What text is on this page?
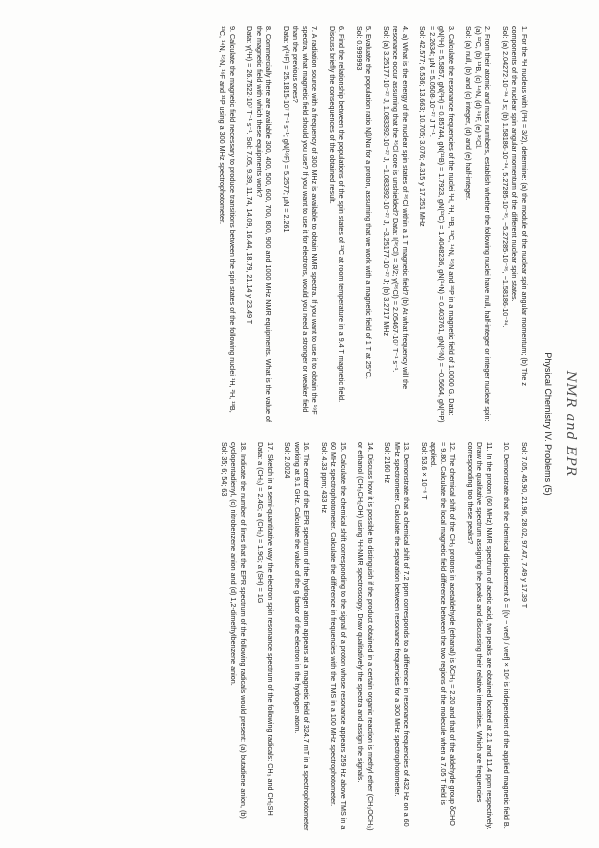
NMR and EPR
Physical Chemistry IV. Problems (5)
1. For the ³H nucleus with (I³H = 3/2), determine: (a) the module of the nuclear spin angular momentum; (b) The z components of the nuclear spin angular momentum of the different nuclear spin states.
Sol: (a) 2.04272·10⁻³⁴ J s; (b) 1.58186·10⁻³⁴, 5.27285·10⁻³⁵, −5.27285·10⁻³⁵, −1.58186·10⁻³⁴.
2. From their atomic and mass numbers, establish whether the following nuclei have null, half-integer or integer nuclear spin: (a) ¹²C, (b) ¹³B, (c) ¹⁴N, (d) ¹⁹F, (e) ³⁵Cl.
Sol: (a) null, (b) and (c) integer, (d) and (e) half-integer.
3. Calculate the resonance frequencies of the nuclei ¹H, ²H, ¹³B, ¹³C, ¹⁴N, ¹⁵N and ³¹P in a magnetic field of 1.0000 G. Data: gN(¹H) = 5.5857, gN(²H) = 0.85744, gN(¹¹B) = 1.7923, gN(¹³C) = 1.4048236, gN(¹⁴N) = 0.403761, gN(¹⁵N) = −0.5664, gN(³¹P) = 2.2634; μN = 5.0508·10⁻²⁷ J T⁻¹.
Sol: 42.577; 6.536; 13.663; 10.705; 3.076; 4.315 y 17.251 MHz
4. a) What is the energy of the nuclear spin states of ³⁵Cl within a 1 T magnetic field? (b) At what frequency will the resonance occur assuming that the ³⁵Cl core is unshielded? Data: I(³⁵Cl) = 3/2; γ(³⁵Cl) = 2.05467·10⁷ T⁻¹ s⁻¹.
Sol: (a) 3.25177·10⁻²⁷ J, 1.083392·10⁻²⁷ J, −1.083392·10⁻²⁷ J, −3.25177·10⁻²⁷ J; (b) 3.2717 MHz
5. Evaluate the population ratio Nβ/Nα for a proton, assuming that we work with a magnetic field of 1 T at 25°C.
Sol: 0.999993
6. Find the relationship between the populations of the spin states of ¹³C at room temperature in a 9.4 T magnetic field. Discuss briefly the consequences of the obtained result.
7. A radiation source with a frequency of 300 MHz is available to obtain NMR spectra. If you want to use it to obtain the ¹⁹F spectra, what magnetic field should you use? If you want to use it for electrons, would you need a stronger or weaker field than the previous ones?
Data: γ(¹⁹F) = 25.1815·10⁷ T⁻¹ s⁻¹; gN(¹⁹F) = 5.2577; μN = 2.261
8. Commercially there are available 300, 400, 500, 600, 700, 800, 900 and 1000 MHz NMR equipments. What is the value of the magnetic field with which these equipments work?
Data: γ(¹H) = 26.7522·10⁷ T⁻¹ s⁻¹. Sol: 7.05, 9.39, 11.74, 14.09, 16.44, 18.79, 21.14 y 23.49 T
9. Calculate the magnetic field necessary to produce transitions between the spin states of the following nuclei ¹H, ²H, ¹³B, ¹³C, ¹⁴N, ¹⁵N, ¹⁹F and ³¹P using a 300 MHz spectrophotometer.
Sol: 7.05, 45.90, 21.96, 28.02, 97.47, 7.49 y 17.39 T
10. Demonstrate that the chemical displacement δ = [(ν − νref) / νref] × 10⁶ is independent of the applied magnetic field B.
11. In the proton (60 MHz) NMR spectrum of acetic acid, two peaks are obtained located at 2.1 and 11.4 ppm respectively. Draw the qualitative spectrum assigning the peaks and discussing their relative intensities. Which are frequencies corresponding too these peaks?
12. The chemical shift of the CH₃ protons in acetaldehyde (ethanal) is δCH₃ = 2.20 and that of the aldehyde group δCHO = 9.80. Calculate the local magnetic field difference between the two regions of the molecule when a 7.05 T field is applied.
Sol: 53.6 × 10⁻⁶ T
13. Demonstrate that a chemical shift of 7.2 ppm corresponds to a difference in resonance frequencies of 432 Hz on a 60 MHz spectrometer. Calculate the separation between resonance frequencies for a 300 MHz spectrophotometer.
Sol: 2160 Hz
14. Discuss how it is possible to distinguish if the product obtained in a certain organic reaction is methyl ether (CH₃OCH₃) or ethanol (CH₃CH₂OH) using ¹H-NMR spectroscopy. Draw qualitatively the spectra and assign the signals.
15. Calculate the chemical shift corresponding to the signal of a proton whose resonance appears 259 Hz above TMS in a 60 MHz spectrophotometer. Calculate the difference in frequencies with the TMS in a 100 MHz spectrophotometer.
Sol: 4.33 ppm; 433 Hz
16. The center of the EPR spectrum of the hydrogen atom appears at a magnetic field of 324.7 mT in a spectrophotometer working at 9.1 GHz. Calculate the value of the g factor of the electron in the hydrogen atom.
Sol: 2.0024
17. Sketch in a semi-quantitative way the electron spin resonance spectrum of the following radicals: CH₃ and CH₂SH
Data: a (CH₃) = 2.4G; a (CH₂) = 1.9G; a (SH) = 1G
18. Indicate the number of lines that the EPR spectrum of the following radicals would present: (a) butadiene anion, (b) cyclopentadienyl, (c) nitrobenzene anion and (d) 1,2-dimethylbenzene anion.
Sol: 35; 6; 54; 63
